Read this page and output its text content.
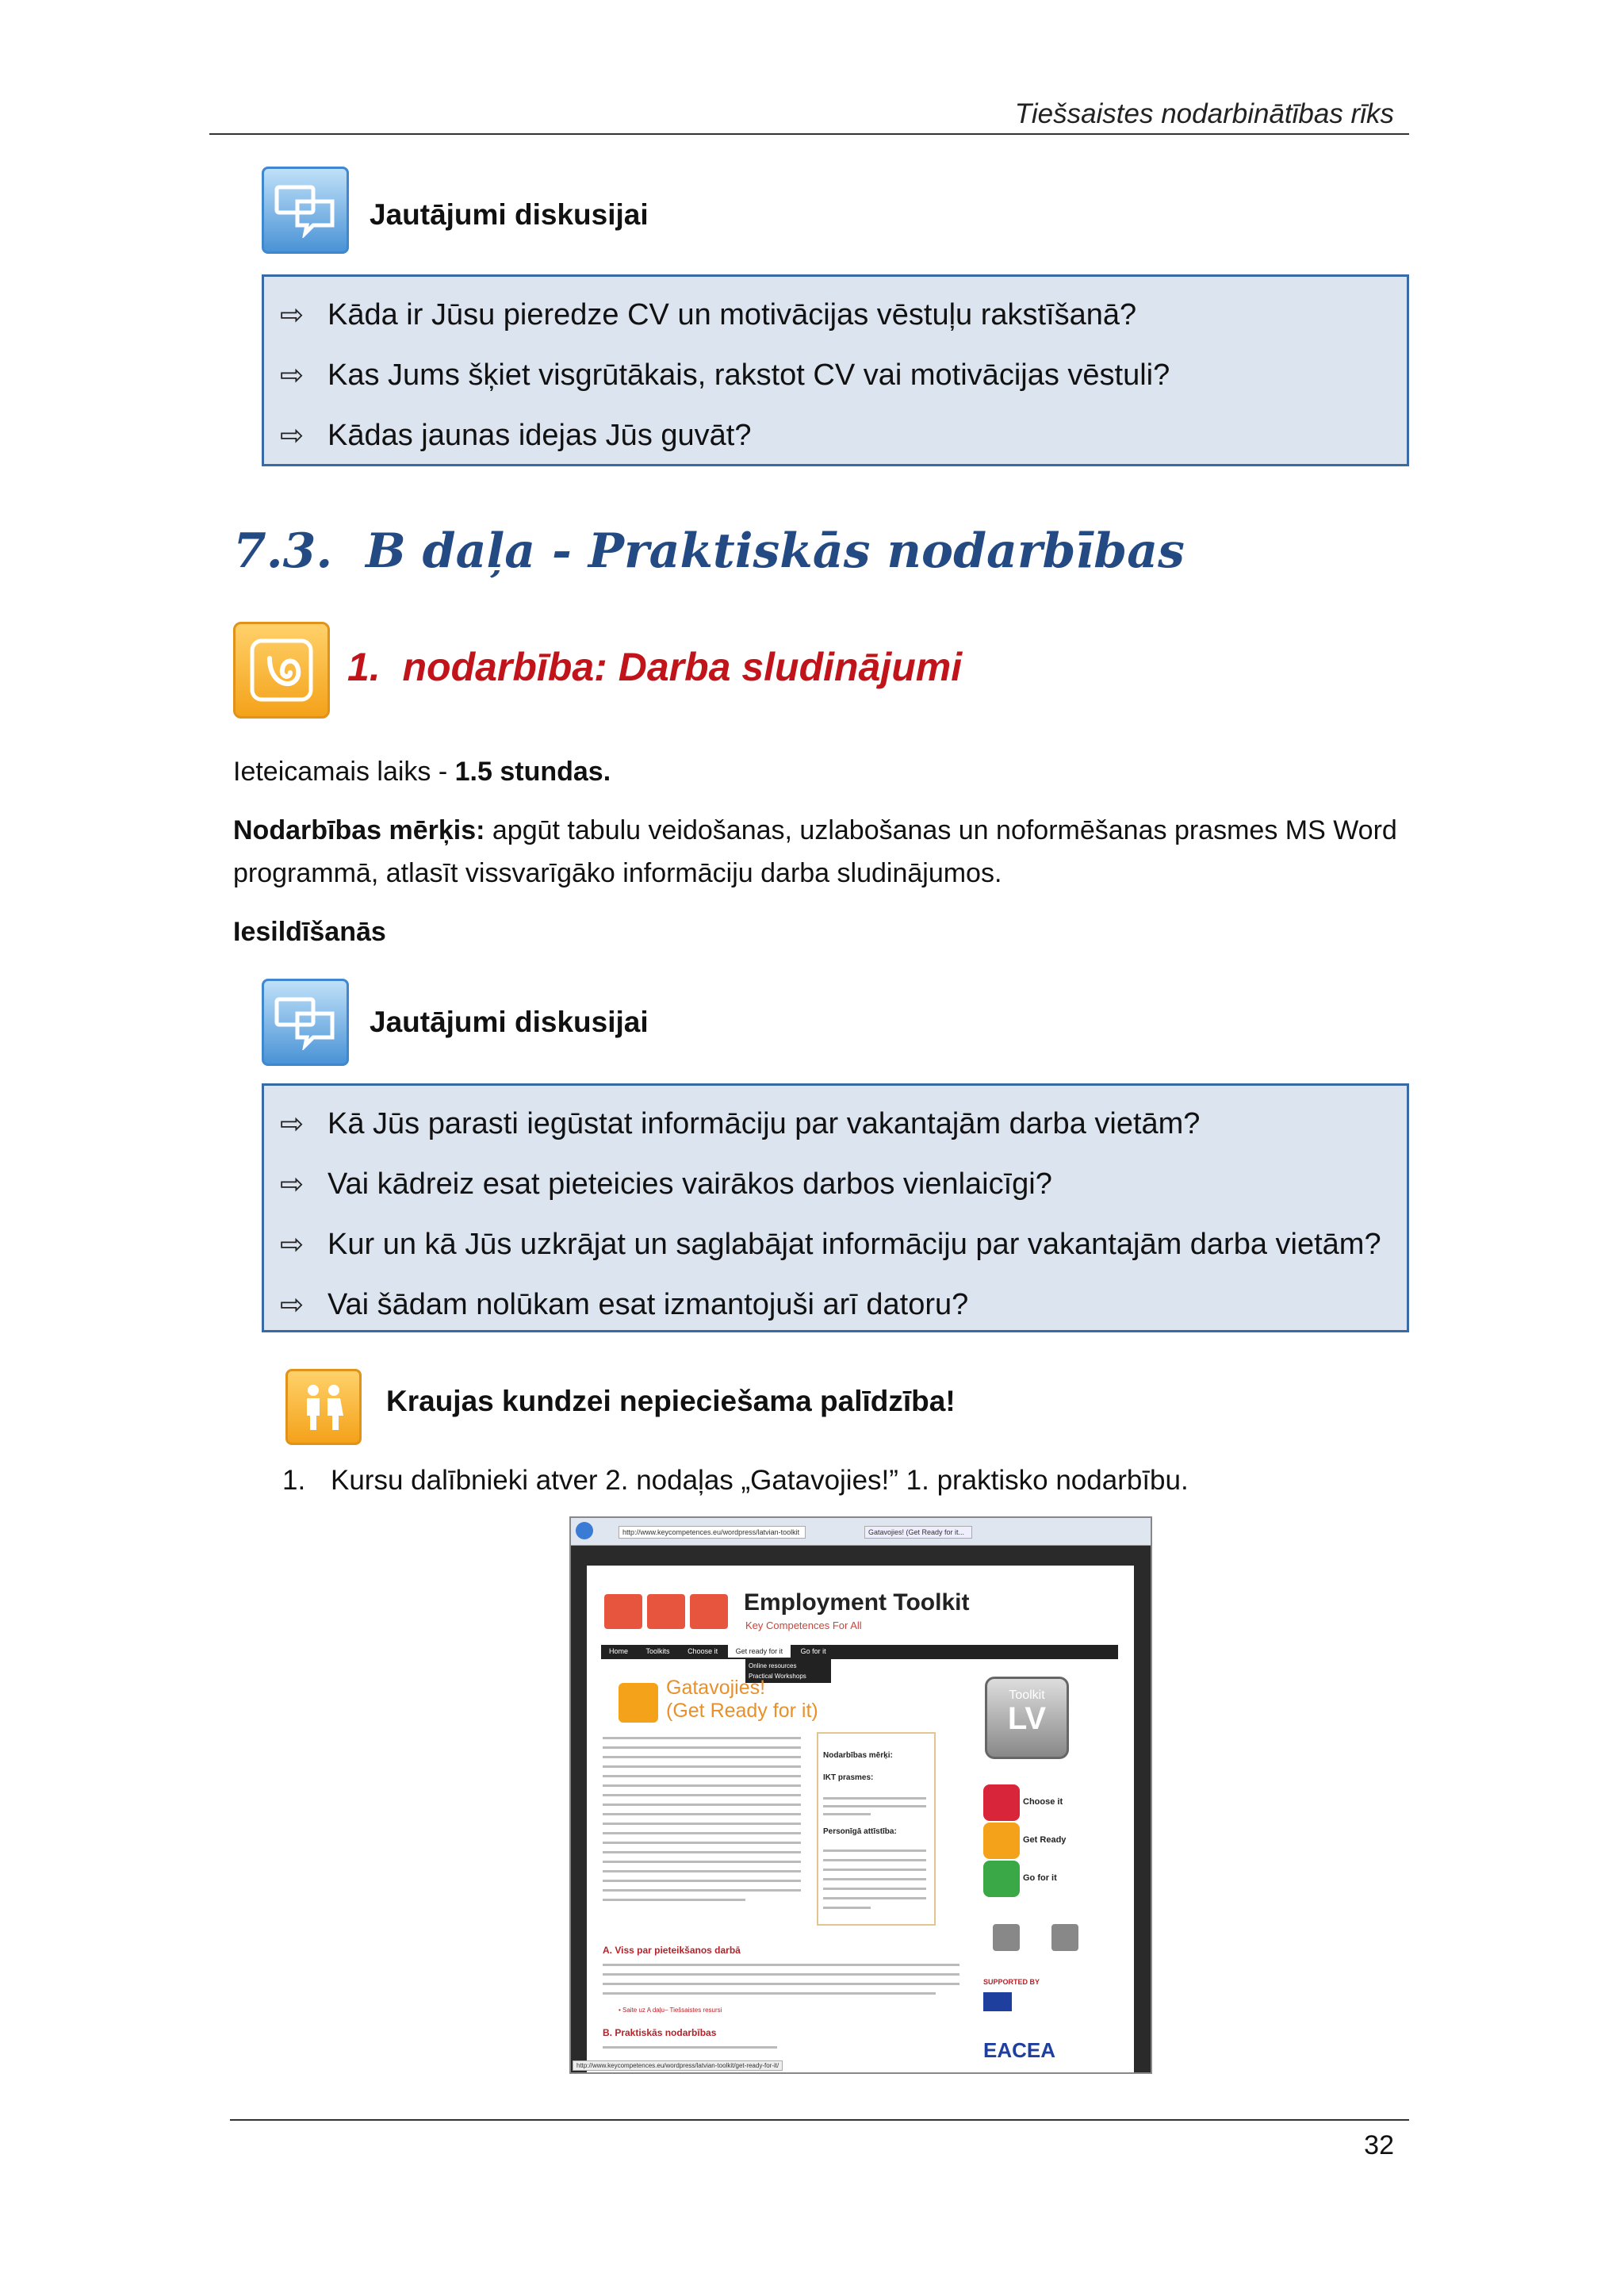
Tiešsaistes nodarbinātības rīks
Jautājumi diskusijai
⇨ Kāda ir Jūsu pieredze CV un motivācijas vēstuļu rakstīšanā?
⇨ Kas Jums šķiet visgrūtākais, rakstot CV vai motivācijas vēstuli?
⇨ Kādas jaunas idejas Jūs guvāt?
7.3. B daļa - Praktiskās nodarbības
1. nodarbība: Darba sludinājumi
Ieteicamais laiks - 1.5 stundas.
Nodarbības mērķis: apgūt tabulu veidošanas, uzlabošanas un noformēšanas prasmes MS Word
programmā, atlasīt vissvarīgāko informāciju darba sludinājumos.
Iesildīšanās
Jautājumi diskusijai
⇨ Kā Jūs parasti iegūstat informāciju par vakantajām darba vietām?
⇨ Vai kādreiz esat pieteicies vairākos darbos vienlaicīgi?
⇨ Kur un kā Jūs uzkrājat un saglabājat informāciju par vakantajām darba vietām?
⇨ Vai šādam nolūkam esat izmantojuši arī datoru?
Kraujas kundzei nepieciešama palīdzība!
1. Kursu dalībnieki atver 2. nodaļas „Gatavojies!” 1. praktisko nodarbību.
http://www.keycompetences.eu/wordpress/latvian-toolkit	Gatavojies! (Get Ready for it...
Employment Toolkit
Key Competences For All
Home	Toolkits	Choose it	Get ready for it	Go for it
Online resources
Practical Workshops
Gatavojies!
(Get Ready for it)
Toolkit
LV
Nodarbības mērķi:
IKT prasmes:
Personīgā attīstība:
Choose it
Get Ready
Go for it
A. Viss par pieteikšanos darbā
• Saite uz A daļu– Tiešsaistes resursi
B. Praktiskās nodarbības
SUPPORTED BY
EACEA
http://www.keycompetences.eu/wordpress/latvian-toolkit/get-ready-for-it/
32
